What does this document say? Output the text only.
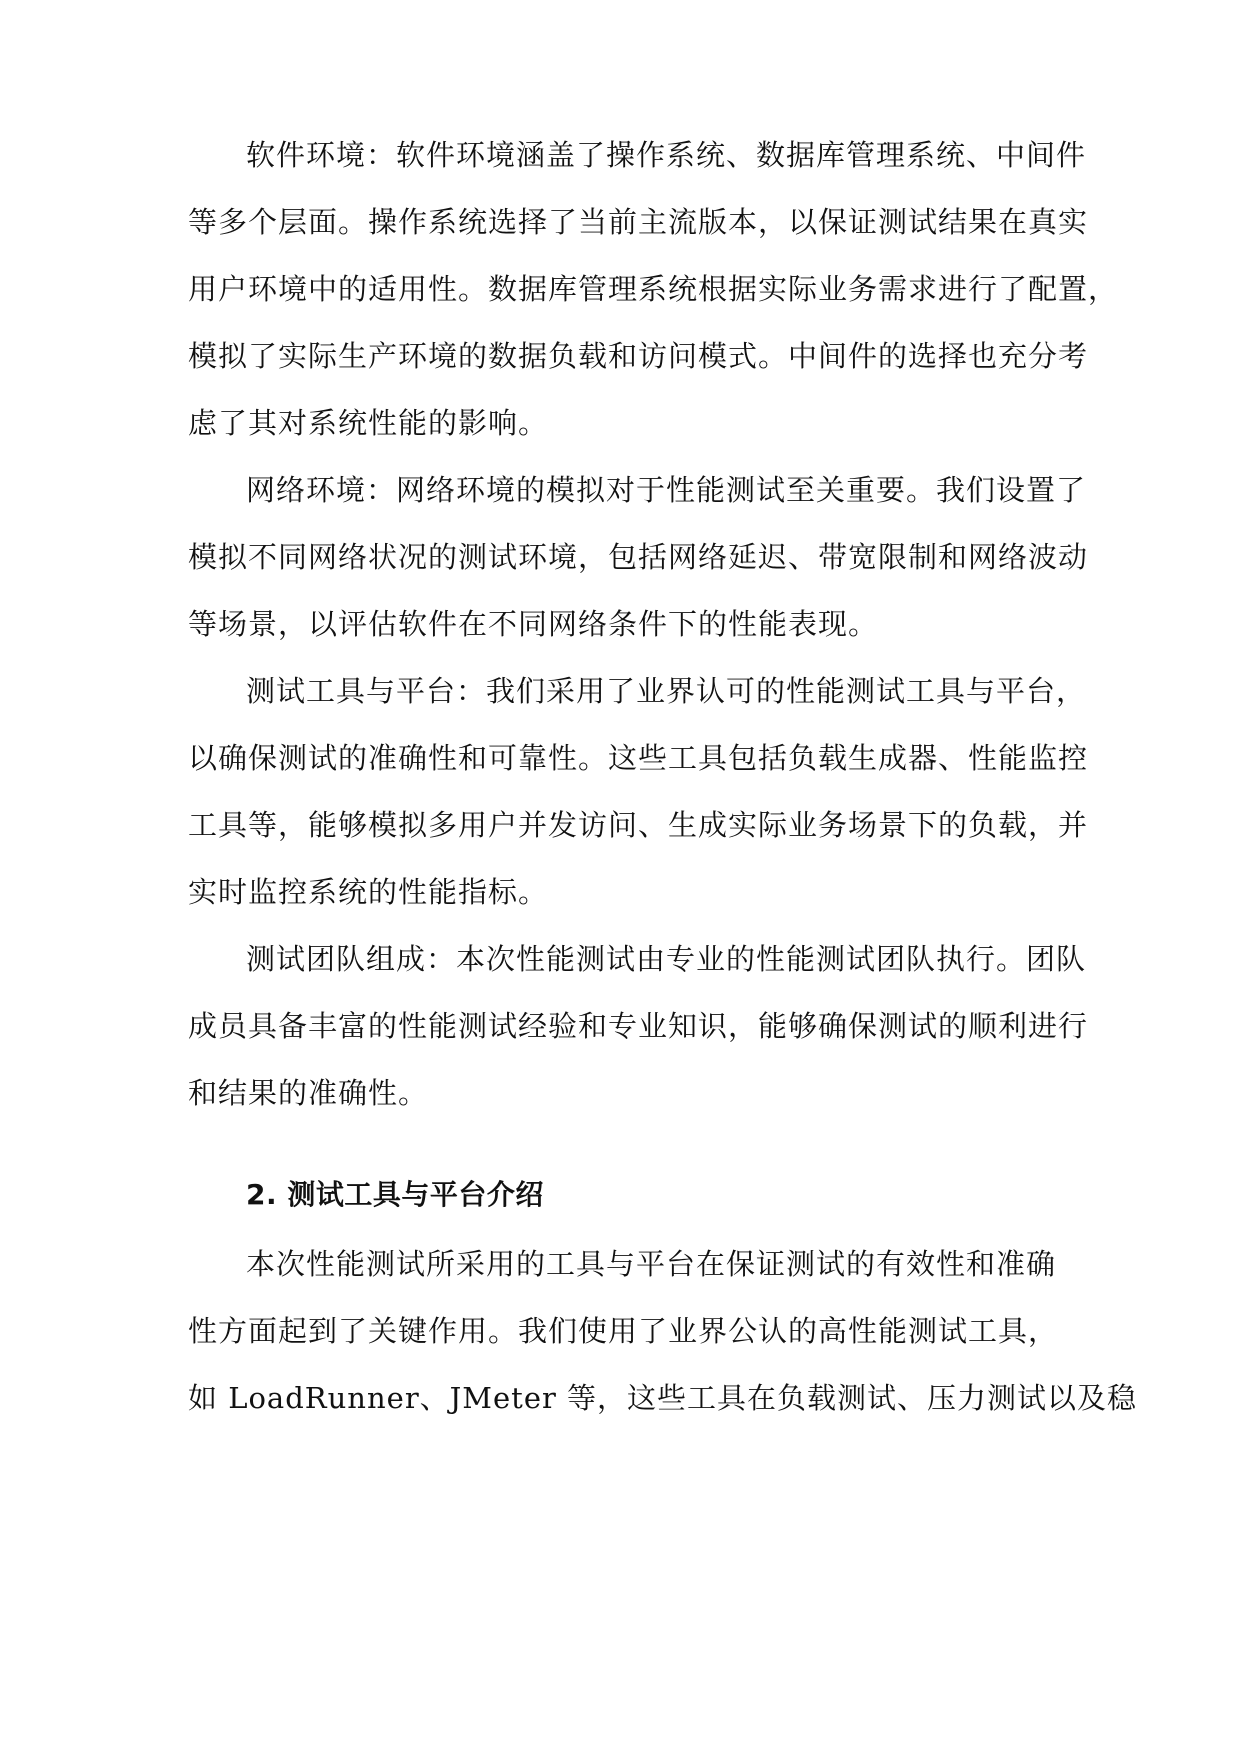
软件环境：软件环境涵盖了操作系统、数据库管理系统、中间件
等多个层面。操作系统选择了当前主流版本，以保证测试结果在真实
用户环境中的适用性。数据库管理系统根据实际业务需求进行了配置，
模拟了实际生产环境的数据负载和访问模式。中间件的选择也充分考
虑了其对系统性能的影响。
网络环境：网络环境的模拟对于性能测试至关重要。我们设置了
模拟不同网络状况的测试环境，包括网络延迟、带宽限制和网络波动
等场景，以评估软件在不同网络条件下的性能表现。
测试工具与平台：我们采用了业界认可的性能测试工具与平台，
以确保测试的准确性和可靠性。这些工具包括负载生成器、性能监控
工具等，能够模拟多用户并发访问、生成实际业务场景下的负载，并
实时监控系统的性能指标。
测试团队组成：本次性能测试由专业的性能测试团队执行。团队
成员具备丰富的性能测试经验和专业知识，能够确保测试的顺利进行
和结果的准确性。
2. 测试工具与平台介绍
本次性能测试所采用的工具与平台在保证测试的有效性和准确
性方面起到了关键作用。我们使用了业界公认的高性能测试工具，
如 LoadRunner、JMeter 等，这些工具在负载测试、压力测试以及稳
